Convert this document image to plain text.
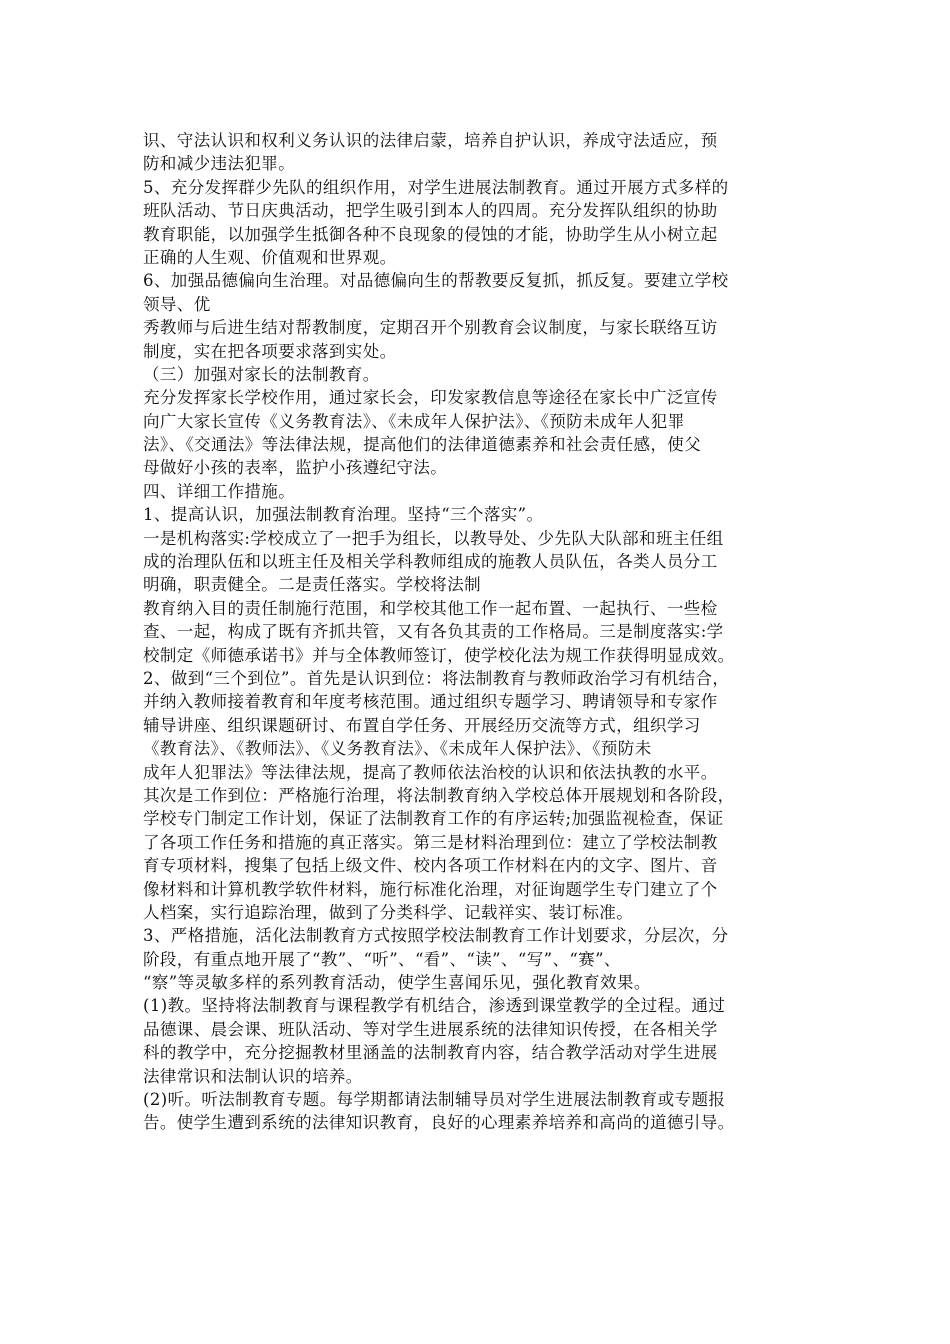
识、守法认识和权利义务认识的法律启蒙，培养自护认识，养成守法适应，预
防和减少违法犯罪。
5、充分发挥群少先队的组织作用，对学生进展法制教育。通过开展方式多样的
班队活动、节日庆典活动，把学生吸引到本人的四周。充分发挥队组织的协助
教育职能，以加强学生抵御各种不良现象的侵蚀的才能，协助学生从小树立起
正确的人生观、价值观和世界观。
6、加强品德偏向生治理。对品德偏向生的帮教要反复抓，抓反复。要建立学校
领导、优
秀教师与后进生结对帮教制度，定期召开个别教育会议制度，与家长联络互访
制度，实在把各项要求落到实处。
（三）加强对家长的法制教育。
充分发挥家长学校作用，通过家长会，印发家教信息等途径在家长中广泛宣传
向广大家长宣传《义务教育法》、《未成年人保护法》、《预防未成年人犯罪
法》、《交通法》等法律法规，提高他们的法律道德素养和社会责任感，使父
母做好小孩的表率，监护小孩遵纪守法。
四、详细工作措施。
1、提高认识，加强法制教育治理。坚持“三个落实”。
一是机构落实:学校成立了一把手为组长，以教导处、少先队大队部和班主任组
成的治理队伍和以班主任及相关学科教师组成的施教人员队伍，各类人员分工
明确，职责健全。二是责任落实。学校将法制
教育纳入目的责任制施行范围，和学校其他工作一起布置、一起执行、一些检
查、一起，构成了既有齐抓共管，又有各负其责的工作格局。三是制度落实:学
校制定《师德承诺书》并与全体教师签订，使学校化法为规工作获得明显成效。
2、做到“三个到位”。首先是认识到位：将法制教育与教师政治学习有机结合，
并纳入教师接着教育和年度考核范围。通过组织专题学习、聘请领导和专家作
辅导讲座、组织课题研讨、布置自学任务、开展经历交流等方式，组织学习
《教育法》、《教师法》、《义务教育法》、《未成年人保护法》、《预防未
成年人犯罪法》等法律法规，提高了教师依法治校的认识和依法执教的水平。
其次是工作到位：严格施行治理，将法制教育纳入学校总体开展规划和各阶段，
学校专门制定工作计划，保证了法制教育工作的有序运转;加强监视检查，保证
了各项工作任务和措施的真正落实。第三是材料治理到位：建立了学校法制教
育专项材料，搜集了包括上级文件、校内各项工作材料在内的文字、图片、音
像材料和计算机教学软件材料，施行标准化治理，对征询题学生专门建立了个
人档案，实行追踪治理，做到了分类科学、记载祥实、装订标准。
3、严格措施，活化法制教育方式按照学校法制教育工作计划要求，分层次，分
阶段，有重点地开展了“教”、“听”、“看”、“读”、“写”、“赛”、
“察”等灵敏多样的系列教育活动，使学生喜闻乐见，强化教育效果。
(1)教。坚持将法制教育与课程教学有机结合，渗透到课堂教学的全过程。通过
品德课、晨会课、班队活动、等对学生进展系统的法律知识传授，在各相关学
科的教学中，充分挖掘教材里涵盖的法制教育内容，结合教学活动对学生进展
法律常识和法制认识的培养。
(2)听。听法制教育专题。每学期都请法制辅导员对学生进展法制教育或专题报
告。使学生遭到系统的法律知识教育，良好的心理素养培养和高尚的道德引导。
